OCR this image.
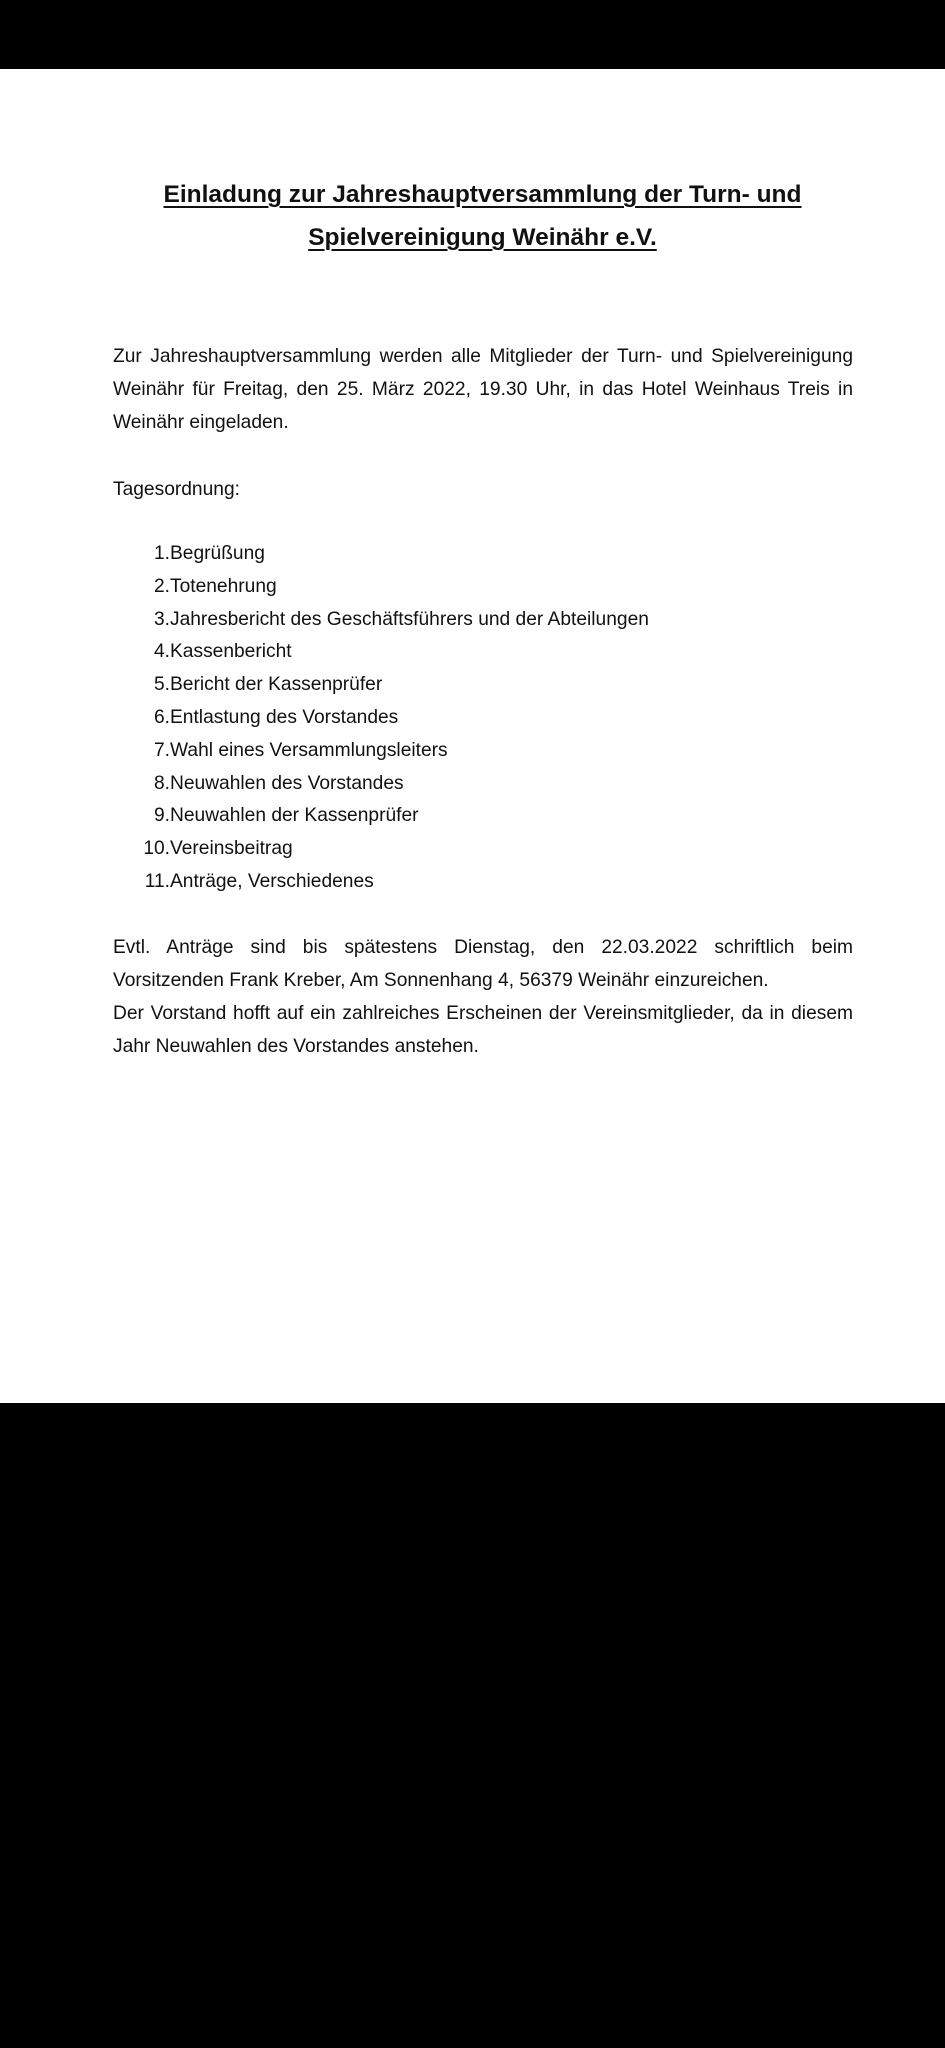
Einladung zur Jahreshauptversammlung der Turn- und
Spielvereinigung Weinähr e.V.

Zur Jahreshauptversammlung werden alle Mitglieder der Turn- und Spielvereinigung
Weinähr für Freitag, den 25. März 2022, 19.30 Uhr, in das Hotel Weinhaus Treis in
Weinähr eingeladen.

Tagesordnung:

1. Begrüßung
2. Totenehrung
3. Jahresbericht des Geschäftsführers und der Abteilungen
4. Kassenbericht
5. Bericht der Kassenprüfer
6. Entlastung des Vorstandes
7. Wahl eines Versammlungsleiters
8. Neuwahlen des Vorstandes
9. Neuwahlen der Kassenprüfer
10. Vereinsbeitrag
11. Anträge, Verschiedenes

Evtl. Anträge sind bis spätestens Dienstag, den 22.03.2022 schriftlich beim
Vorsitzenden Frank Kreber, Am Sonnenhang 4, 56379 Weinähr einzureichen.
Der Vorstand hofft auf ein zahlreiches Erscheinen der Vereinsmitglieder, da in diesem
Jahr Neuwahlen des Vorstandes anstehen.
